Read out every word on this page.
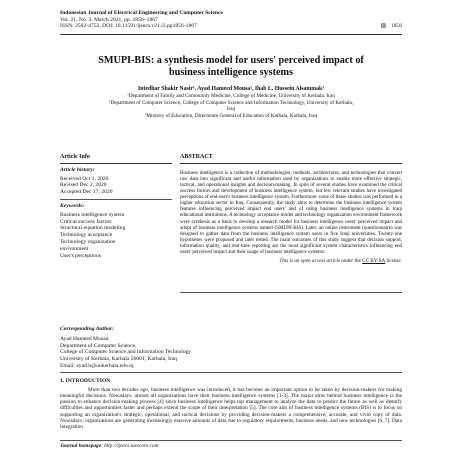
Indonesian Journal of Electrical Engineering and Computer Science
Vol. 21, No. 3, March 2021, pp. 1856~1867
ISSN: 2502-4752, DOI: 10.11591/ijeecs.v21.i3.pp1856-1867	▨ 1856
SMUPI-BIS: a synthesis model for users' perceived impact of
business intelligence systems
Intedhar Shakir Nasir¹, Ayad Hameed Mousa², Ihab L. Hussein Alsammak³
¹Department of Family and Community Medicine, College of Medicine, University of Kerbala, Iraq
²Department of Computer Science, College of Computer Science and Information Technology, University of Kerbala,
Iraq
³Ministry of Education, Directorate General of Education of Karbala, Karbala, Iraq
Article Info
Article history:
Received Oct 1, 2020
Revised Dec 2, 2020
Accepted Dec 17, 2020
Keywords:
Business intelligence system
Critical success factors
Structural equation modeling
Technology acceptance
Technology organization
environment
User's perceptions
ABSTRACT
Business intelligence is a collection of methodologies, methods, architectures, and technologies that convert raw data into significant and useful information used by organizations to enable more effective strategic, tactical, and operational insights and decision-making. In spite of several studies have examined the critical success factors and development of business intelligence system, but few relevant studies have investigated perceptions of end-user's business intelligence system. Furthermore, none of those studies was performed in a higher education sector in Iraq. Consequently, the study aims to determine the business intelligence system features influencing perceived impact end users' and of using business intelligence systems in Iraqi educational institutions. A technology acceptance model and technology organization environment framework were synthesis as a basis to develop a research model for business intelligence users' perceived impact and adopt of business intelligence systems named (SMUPI-BIS). Later, an online instrument (questionnaire) was designed to gather data from the business intelligence system users in five Iraqi universities. Twenty-one hypotheses were proposed and later tested. The main outcomes of this study suggest that decision support, information quality, and real-time reporting are the most significant system characteristics influencing end users' perceived impact and their usage of business intelligence systems.
This is an open access article under the CC BY-SA license.
Corresponding Author:
Ayad Hameed Mousa
Department of Computer Science,
College of Computer Science and Information Technology
University of Kerbala, Karbala 56001, Karbala, Iraq
Email: ayad.h@uokerbala.edu.iq
1. INTRODUCTION
More than two decades ago, business intelligence was introduced, it has become an important option to be taken by decision-makers for making meaningful decisions. Nowadays, almost all organizations have their business intelligence systems [1-3]. The major aims behind business intelligence is the passion to enhance decision-making process [4] since business intelligence helps top management to analyze the data to predict the future as well as identify difficulties and opportunities faster and perhaps extend the scope of their interpretation [5]. The core aim of business intelligence systems (BIS) is to focus on supporting an organization's strategic, operational, and tactical decisions by providing decision-makers a comprehensive, accurate, and vivid copy of data. Nowadays, organizations are generating increasingly massive amounts of data due to regulatory requirements, business needs, and new technologies [6, 7]. Data integration
Journal homepage: http://ijeecs.iaescore.com
